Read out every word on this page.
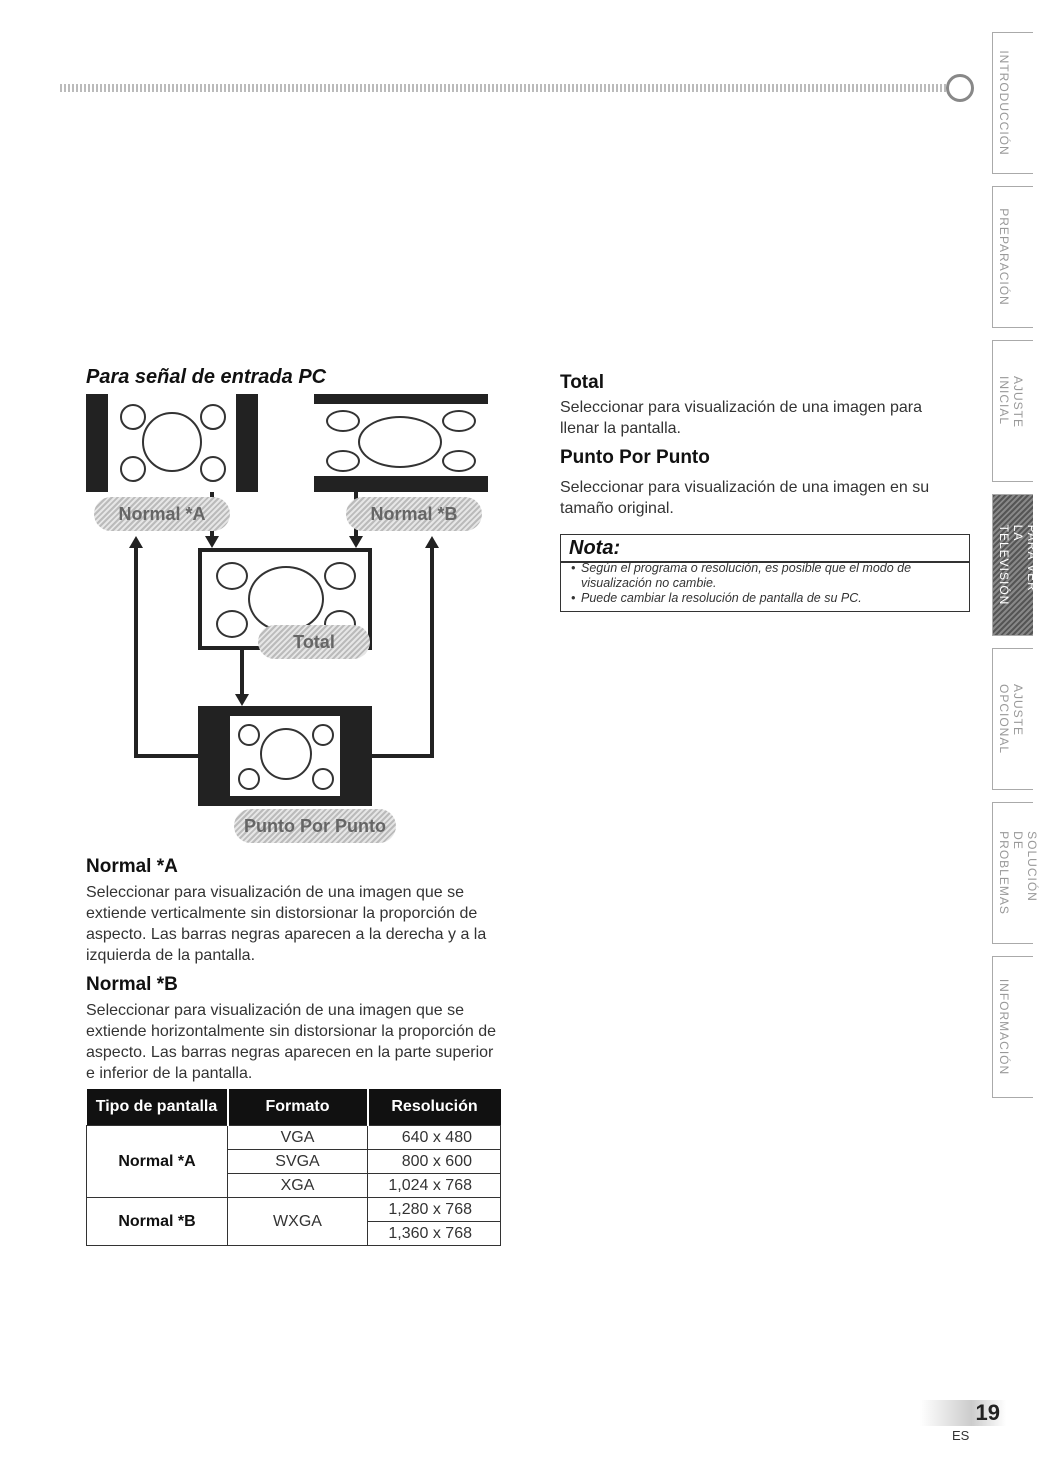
INTRODUCCIÓN
PREPARACIÓN
AJUSTE INICIAL
PARA VER LA TELEVISIÓN
AJUSTE OPCIONAL
SOLUCIÓN DE PROBLEMAS
INFORMACIÓN
Para señal de entrada PC
Normal *A	Normal *B
Total
Punto Por Punto
Normal *A
Seleccionar para visualización de una imagen que se extiende verticalmente sin distorsionar la proporción de aspecto. Las barras negras aparecen a la derecha y a la izquierda de la pantalla.
Normal *B
Seleccionar para visualización de una imagen que se extiende horizontalmente sin distorsionar la proporción de aspecto. Las barras negras aparecen en la parte superior e inferior de la pantalla.
Total
Seleccionar para visualización de una imagen para llenar la pantalla.
Punto Por Punto
Seleccionar para visualización de una imagen en su tamaño original.
Nota:
• Según el programa o resolución, es posible que el modo de visualización no cambie.
• Puede cambiar la resolución de pantalla de su PC.
Tipo de pantalla	Formato	Resolución
Normal *A	VGA	640 x 480
	SVGA	800 x 600
	XGA	1,024 x 768
Normal *B	WXGA	1,280 x 768
		1,360 x 768
19
ES
